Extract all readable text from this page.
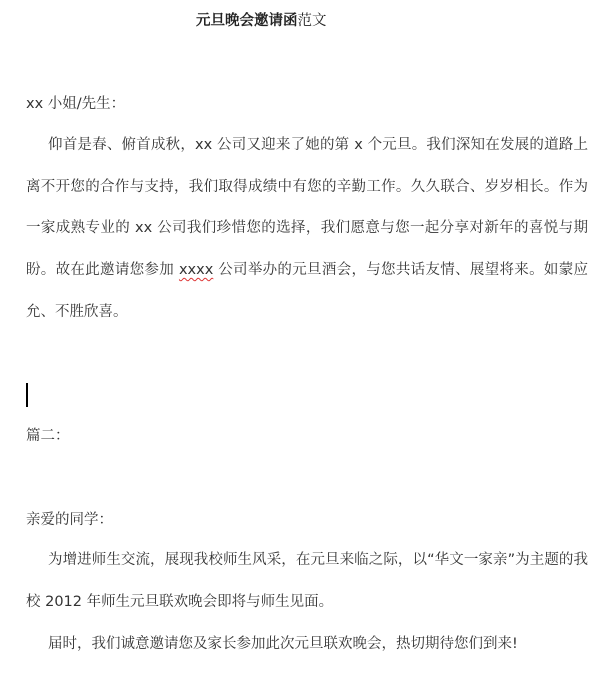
元旦晚会邀请函范文
xx 小姐/先生：
仰首是春、俯首成秋，xx 公司又迎来了她的第 x 个元旦。我们深知在发展的道路上离不开您的合作与支持，我们取得成绩中有您的辛勤工作。久久联合、岁岁相长。作为一家成熟专业的 xx 公司我们珍惜您的选择，我们愿意与您一起分享对新年的喜悦与期盼。故在此邀请您参加 xxxx 公司举办的元旦酒会，与您共话友情、展望将来。如蒙应允、不胜欣喜。
篇二：
亲爱的同学：
为增进师生交流，展现我校师生风采，在元旦来临之际，以“华文一家亲”为主题的我校 2012 年师生元旦联欢晚会即将与师生见面。
届时，我们诚意邀请您及家长参加此次元旦联欢晚会，热切期待您们到来!
